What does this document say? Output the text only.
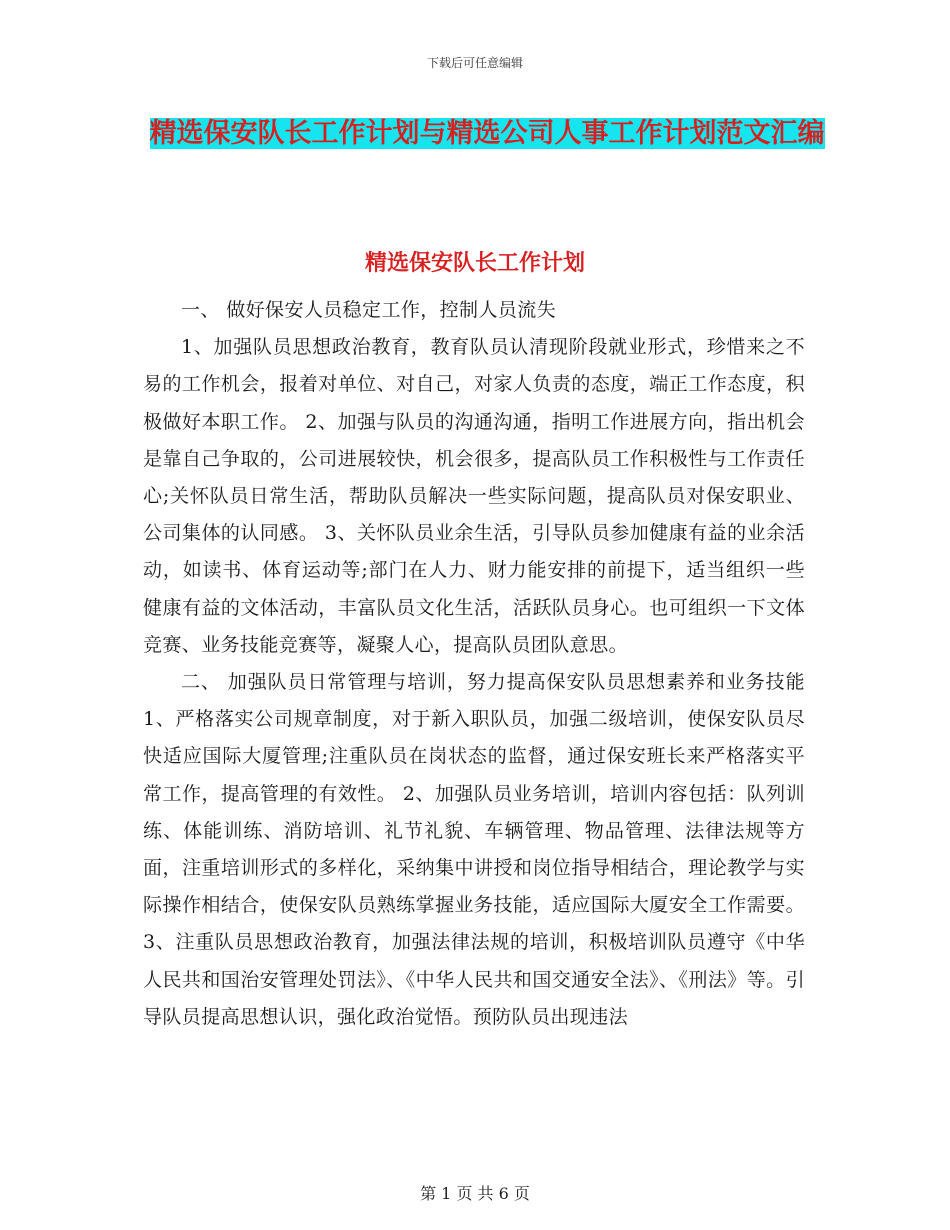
下载后可任意编辑
精选保安队长工作计划与精选公司人事工作计划范文汇编
精选保安队长工作计划

一、 做好保安人员稳定工作，控制人员流失

1、加强队员思想政治教育，教育队员认清现阶段就业形式，珍惜来之不易的工作机会，报着对单位、对自己，对家人负责的态度，端正工作态度，积极做好本职工作。 2、加强与队员的沟通沟通，指明工作进展方向，指出机会是靠自己争取的，公司进展较快，机会很多，提高队员工作积极性与工作责任心;关怀队员日常生活，帮助队员解决一些实际问题，提高队员对保安职业、公司集体的认同感。 3、关怀队员业余生活，引导队员参加健康有益的业余活动，如读书、体育运动等;部门在人力、财力能安排的前提下，适当组织一些健康有益的文体活动，丰富队员文化生活，活跃队员身心。也可组织一下文体竞赛、业务技能竞赛等，凝聚人心，提高队员团队意思。

二、 加强队员日常管理与培训，努力提高保安队员思想素养和业务技能 1、严格落实公司规章制度，对于新入职队员，加强二级培训，使保安队员尽快适应国际大厦管理;注重队员在岗状态的监督，通过保安班长来严格落实平常工作，提高管理的有效性。 2、加强队员业务培训，培训内容包括：队列训练、体能训练、消防培训、礼节礼貌、车辆管理、物品管理、法律法规等方面，注重培训形式的多样化，采纳集中讲授和岗位指导相结合，理论教学与实际操作相结合，使保安队员熟练掌握业务技能，适应国际大厦安全工作需要。 3、注重队员思想政治教育，加强法律法规的培训，积极培训队员遵守《中华人民共和国治安管理处罚法》、《中华人民共和国交通安全法》、《刑法》等。引导队员提高思想认识，强化政治觉悟。预防队员出现违法

第 1 页 共 6 页
